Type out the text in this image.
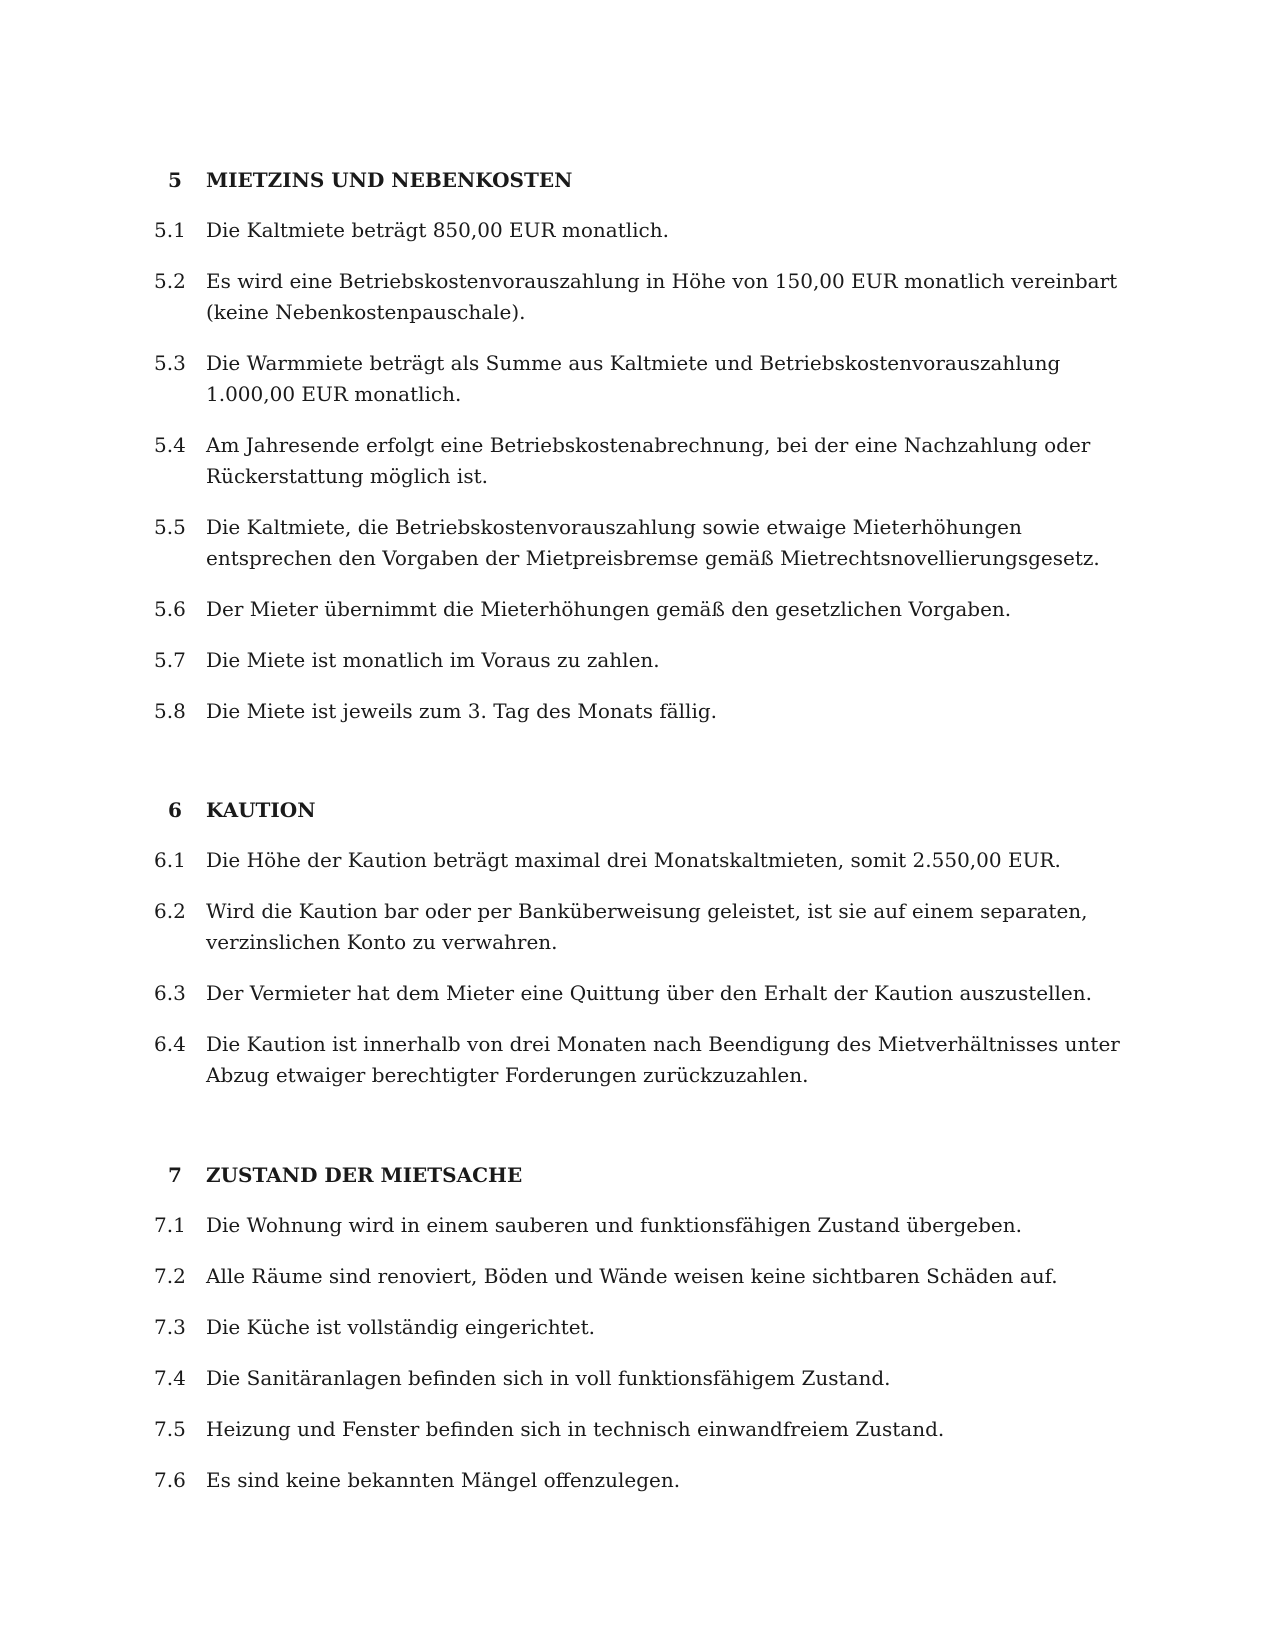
5 MIETZINS UND NEBENKOSTEN
5.1	Die Kaltmiete beträgt 850,00 EUR monatlich.
5.2	Es wird eine Betriebskostenvorauszahlung in Höhe von 150,00 EUR monatlich vereinbart (keine Nebenkostenpauschale).
5.3	Die Warmmiete beträgt als Summe aus Kaltmiete und Betriebskostenvorauszahlung 1.000,00 EUR monatlich.
5.4	Am Jahresende erfolgt eine Betriebskostenabrechnung, bei der eine Nachzahlung oder Rückerstattung möglich ist.
5.5	Die Kaltmiete, die Betriebskostenvorauszahlung sowie etwaige Mieterhöhungen entsprechen den Vorgaben der Mietpreisbremse gemäß Mietrechtsnovellierungsgesetz.
5.6	Der Mieter übernimmt die Mieterhöhungen gemäß den gesetzlichen Vorgaben.
5.7	Die Miete ist monatlich im Voraus zu zahlen.
5.8	Die Miete ist jeweils zum 3. Tag des Monats fällig.
6 KAUTION
6.1	Die Höhe der Kaution beträgt maximal drei Monatskaltmieten, somit 2.550,00 EUR.
6.2	Wird die Kaution bar oder per Banküberweisung geleistet, ist sie auf einem separaten, verzinslichen Konto zu verwahren.
6.3	Der Vermieter hat dem Mieter eine Quittung über den Erhalt der Kaution auszustellen.
6.4	Die Kaution ist innerhalb von drei Monaten nach Beendigung des Mietverhältnisses unter Abzug etwaiger berechtigter Forderungen zurückzuzahlen.
7 ZUSTAND DER MIETSACHE
7.1	Die Wohnung wird in einem sauberen und funktionsfähigen Zustand übergeben.
7.2	Alle Räume sind renoviert, Böden und Wände weisen keine sichtbaren Schäden auf.
7.3	Die Küche ist vollständig eingerichtet.
7.4	Die Sanitäranlagen befinden sich in voll funktionsfähigem Zustand.
7.5	Heizung und Fenster befinden sich in technisch einwandfreiem Zustand.
7.6	Es sind keine bekannten Mängel offenzulegen.
